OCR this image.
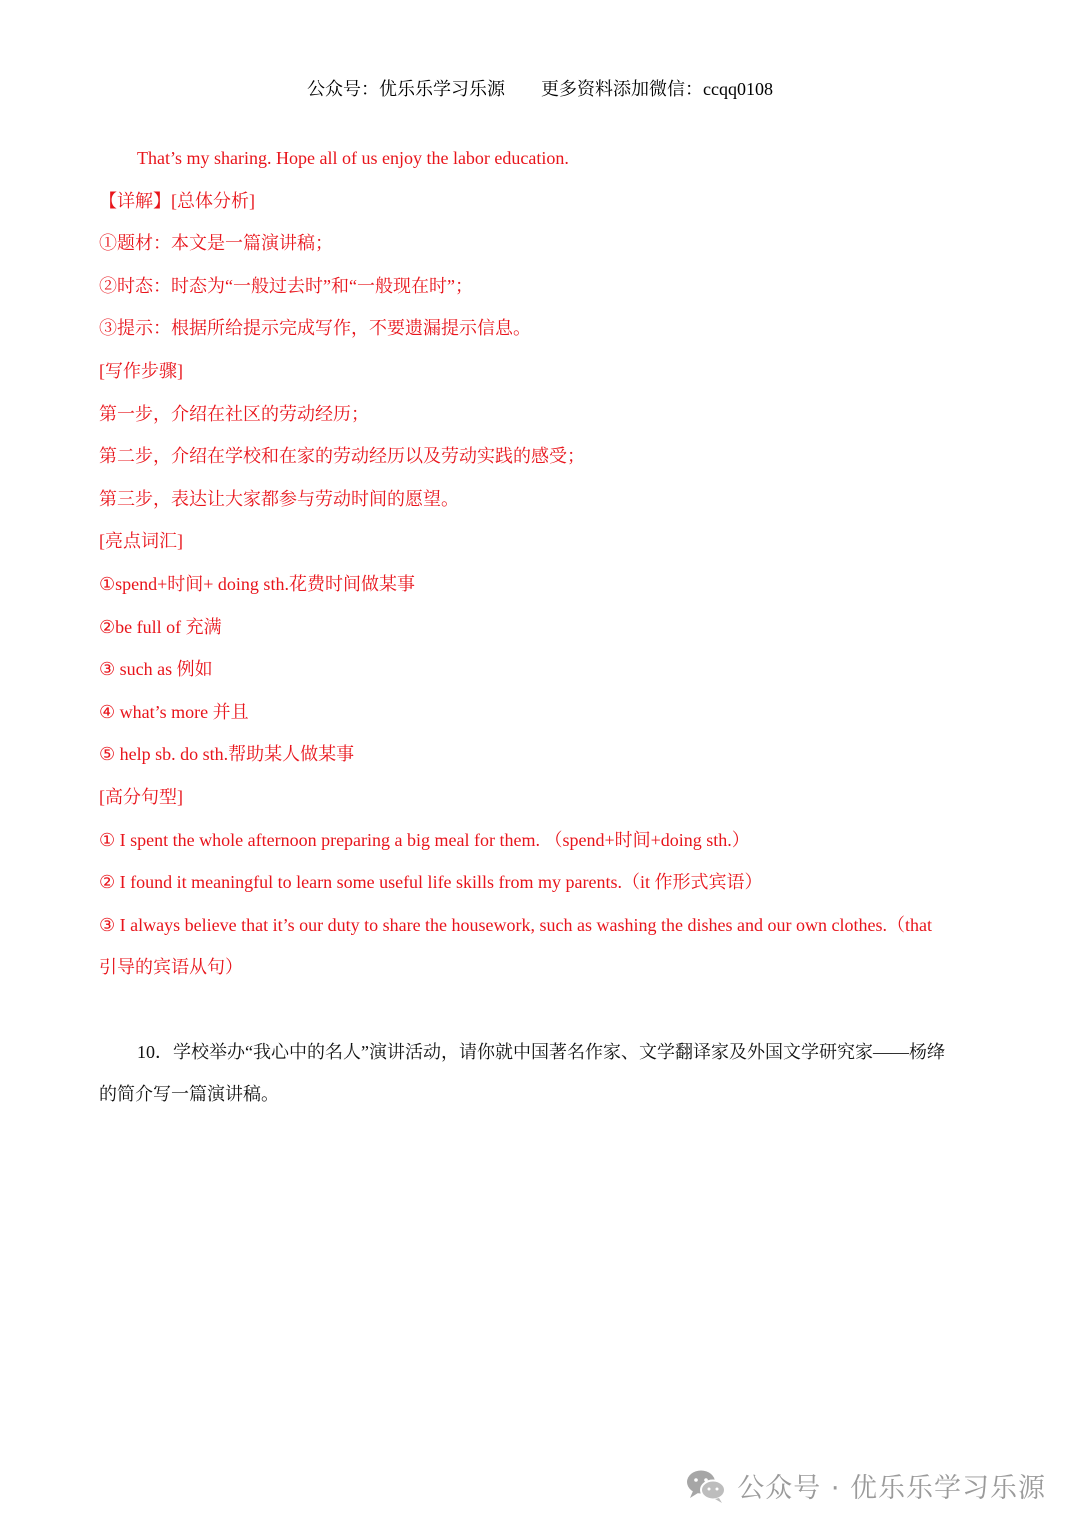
公众号：优乐乐学习乐源 更多资料添加微信：ccqq0108
That’s my sharing. Hope all of us enjoy the labor education.
【详解】[总体分析]
①题材：本文是一篇演讲稿；
②时态：时态为“一般过去时”和“一般现在时”；
③提示：根据所给提示完成写作，不要遗漏提示信息。
[写作步骤]
第一步，介绍在社区的劳动经历；
第二步，介绍在学校和在家的劳动经历以及劳动实践的感受；
第三步，表达让大家都参与劳动时间的愿望。
[亮点词汇]
①spend+时间+ doing sth.花费时间做某事
②be full of 充满
③ such as 例如
④ what’s more 并且
⑤ help sb. do sth.帮助某人做某事
[高分句型]
① I spent the whole afternoon preparing a big meal for them. （spend+时间+doing sth.）
② I found it meaningful to learn some useful life skills from my parents.（it 作形式宾语）
③ I always believe that it’s our duty to share the housework, such as washing the dishes and our own clothes.（that
引导的宾语从句）
10．学校举办“我心中的名人”演讲活动，请你就中国著名作家、文学翻译家及外国文学研究家——杨绛
的简介写一篇演讲稿。
公众号 · 优乐乐学习乐源
